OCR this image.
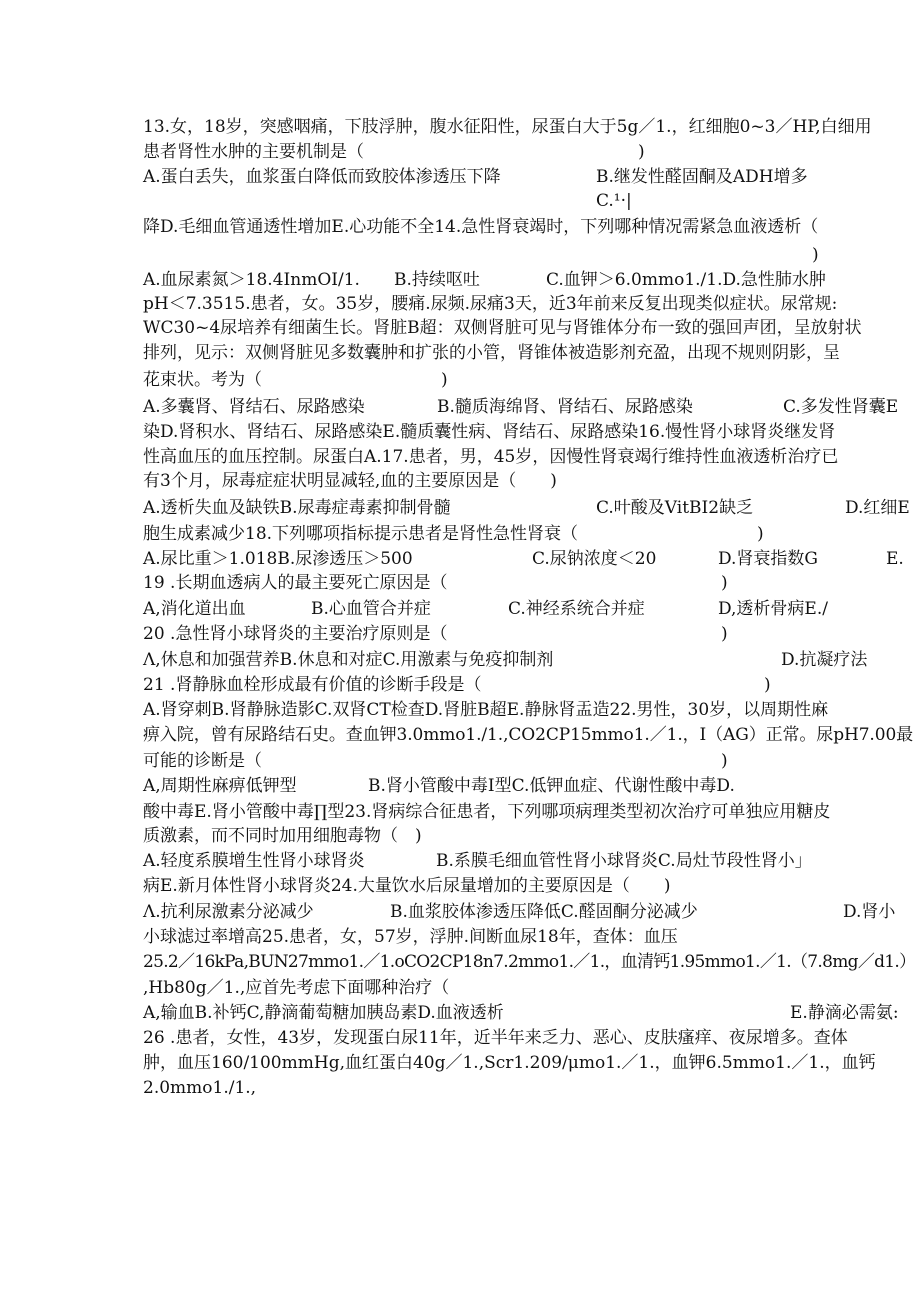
13.女，18岁，突感咽痛，下肢浮肿，腹水征阳性，尿蛋白大于5g／1.，红细胞0~3／HP,白细用
患者肾性水肿的主要机制是（	)
A.蛋白丢失，血浆蛋白降低而致胶体渗透压下降	B.继发性醛固酮及ADH增多
C.¹·|
降D.毛细血管通透性增加E.心功能不全14.急性肾衰竭时，下列哪种情况需紧急血液透析（
)
A.血尿素氮＞18.4InmOI/1. B.持续呕吐	C.血钾＞6.0mmo1./1.D.急性肺水肿
pH＜7.3515.患者，女。35岁，腰痛.尿频.尿痛3天，近3年前来反复出现类似症状。尿常规:
WC30~4尿培养有细菌生长。肾脏B超：双侧肾脏可见与肾锥体分布一致的强回声团，呈放射状
排列，见示：双侧肾脏见多数囊肿和扩张的小管，肾锥体被造影剂充盈，出现不规则阴影，呈
花束状。考为（	)
A.多囊肾、肾结石、尿路感染	B.髓质海绵肾、肾结石、尿路感染	C.多发性肾囊E
染D.肾积水、肾结石、尿路感染E.髓质囊性病、肾结石、尿路感染16.慢性肾小球肾炎继发肾
性高血压的血压控制。尿蛋白A.17.患者，男，45岁，因慢性肾衰竭行维持性血液透析治疗已
有3个月，尿毒症症状明显减轻,血的主要原因是（　　)
A.透析失血及缺铁B.尿毒症毒素抑制骨髓	C.叶酸及VitBI2缺乏	D.红细E
胞生成素减少18.下列哪项指标提示患者是肾性急性肾衰（	)
A.尿比重＞1.018B.尿渗透压＞500	C.尿钠浓度＜20	D.肾衰指数G	E.
19 .长期血透病人的最主要死亡原因是（	)
A,消化道出血	B.心血管合并症	C.神经系统合并症	D,透析骨病E./
20 .急性肾小球肾炎的主要治疗原则是（	)
Λ,休息和加强营养B.休息和对症C.用激素与免疫抑制剂	D.抗凝疗法
21 .肾静脉血栓形成最有价值的诊断手段是（	)
A.肾穿刺B.肾静脉造影C.双肾CT检查D.肾脏B超E.静脉肾盂造22.男性，30岁，以周期性麻
痹入院，曾有尿路结石史。查血钾3.0mmo1./1.,CO2CP15mmo1.／1.，I（AG）正常。尿pH7.00最
可能的诊断是（	)
A,周期性麻痹低钾型	B.肾小管酸中毒I型C.低钾血症、代谢性酸中毒D.
酸中毒E.肾小管酸中毒∏型23.肾病综合征患者，下列哪项病理类型初次治疗可单独应用糖皮
质激素，而不同时加用细胞毒物（　)
A.轻度系膜增生性肾小球肾炎	B.系膜毛细血管性肾小球肾炎C.局灶节段性肾小」
病E.新月体性肾小球肾炎24.大量饮水后尿量增加的主要原因是（　　)
Λ.抗利尿激素分泌减少	B.血浆胶体渗透压降低C.醛固酮分泌减少	D.肾小
小球滤过率增高25.患者，女，57岁，浮肿.间断血尿18年，查体：血压
25.2／16kPa,BUN27mmo1.／1.oCO2CP18n7.2mmo1.／1.，血清钙1.95mmo1.／1.（7.8mg／d1.）
,Hb80g／1.,应首先考虑下面哪种治疗（
A,输血B.补钙C,静滴葡萄糖加胰岛素D.血液透析	E.静滴必需氨:
26 .患者，女性，43岁，发现蛋白尿11年，近半年来乏力、恶心、皮肤瘙痒、夜尿增多。查体
肿，血压160/100mmHg,血红蛋白40g／1.,Scr1.209/μmo1.／1.，血钾6.5mmo1.／1.，血钙
2.0mmo1./1.,
